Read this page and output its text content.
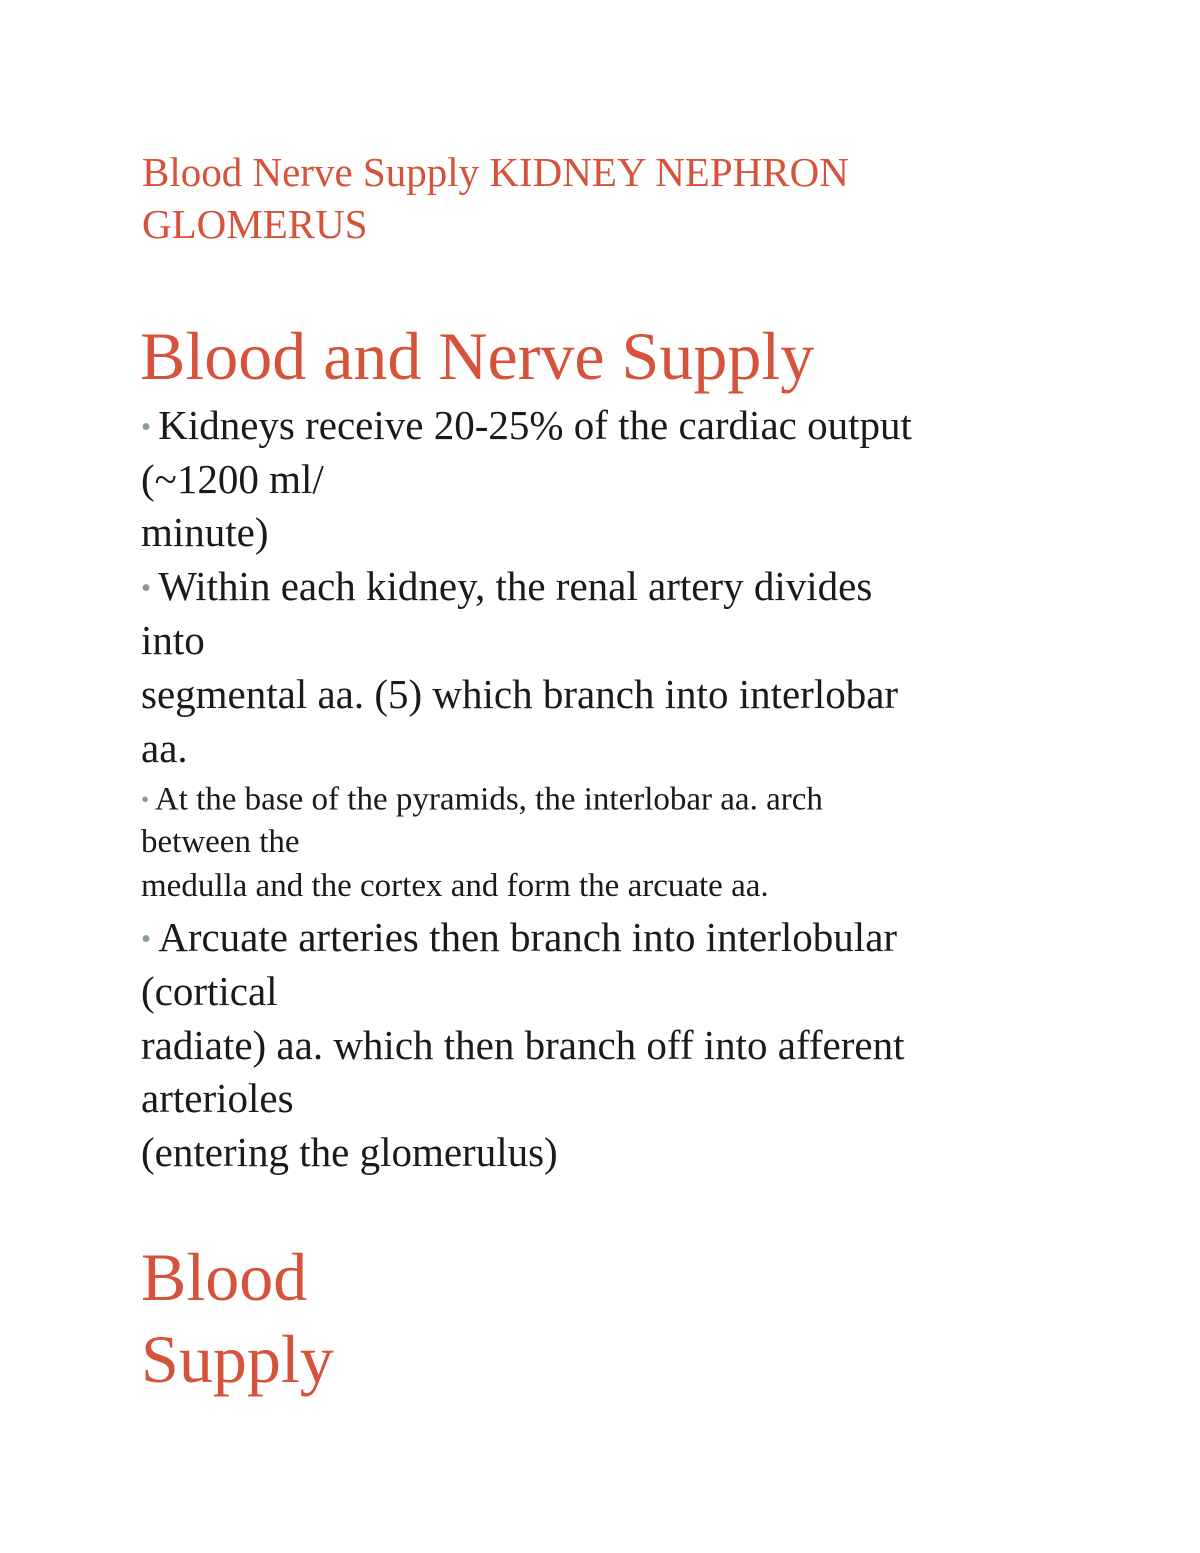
Blood Nerve Supply KIDNEY NEPHRON GLOMERUS
Blood and Nerve Supply

• Kidneys receive 20-25% of the cardiac output

(~1200 ml/

minute)

• Within each kidney, the renal artery divides

into

segmental aa. (5) which branch into interlobar

aa.

• At the base of the pyramids, the interlobar aa. arch

between the

medulla and the cortex and form the arcuate aa.

• Arcuate arteries then branch into interlobular

(cortical

radiate) aa. which then branch off into afferent

arterioles

(entering the glomerulus)

Blood
Supply
